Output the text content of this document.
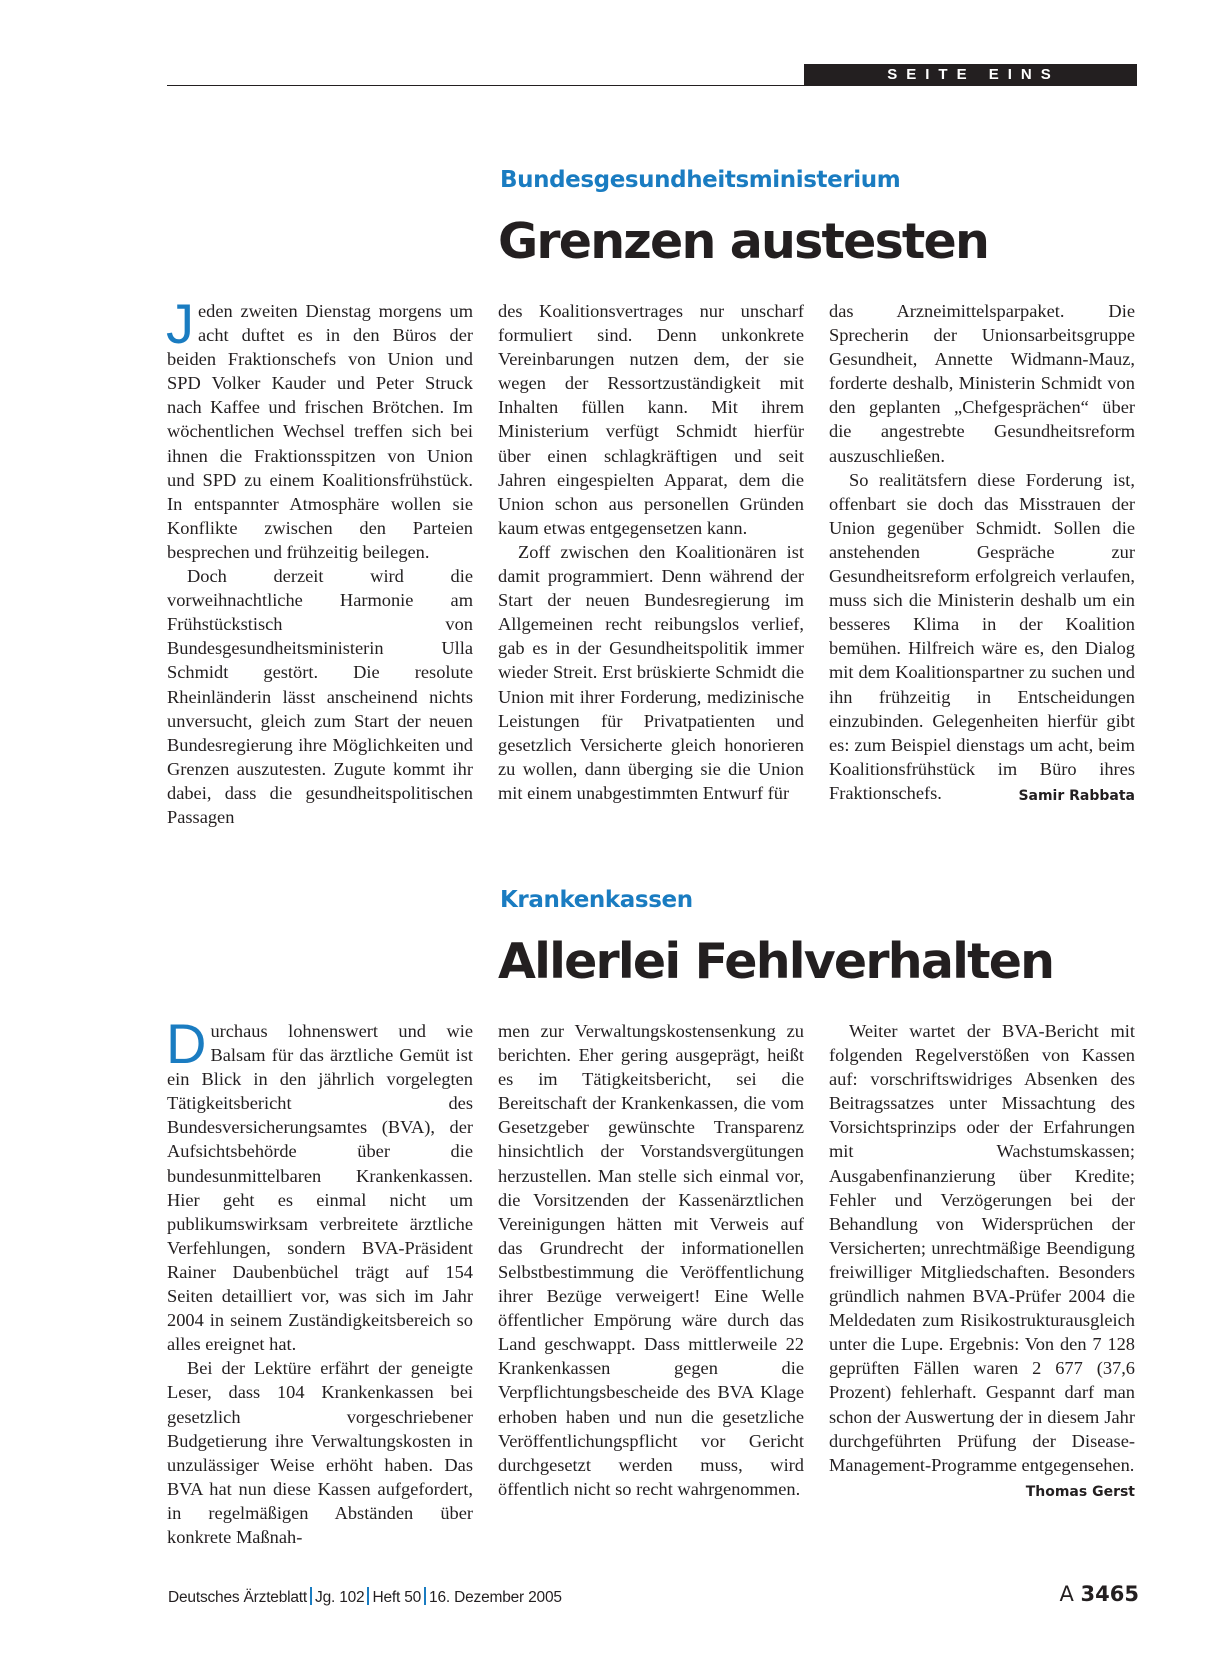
SEITE EINS
Bundesgesundheitsministerium
Grenzen austesten

Jeden zweiten Dienstag morgens um acht duftet es in den Büros der beiden Fraktionschefs von Union und SPD Volker Kauder und Peter Struck nach Kaffee und frischen Brötchen. Im wöchentlichen Wechsel treffen sich bei ihnen die Fraktionsspitzen von Union und SPD zu einem Koalitionsfrühstück. In entspannter Atmosphäre wollen sie Konflikte zwischen den Parteien besprechen und frühzeitig beilegen.

Doch derzeit wird die vorweihnachtliche Harmonie am Frühstückstisch von Bundesgesundheitsministerin Ulla Schmidt gestört. Die resolute Rheinländerin lässt anscheinend nichts unversucht, gleich zum Start der neuen Bundesregierung ihre Möglichkeiten und Grenzen auszutesten. Zugute kommt ihr dabei, dass die gesundheitspolitischen Passagen

des Koalitionsvertrages nur unscharf formuliert sind. Denn unkonkrete Vereinbarungen nutzen dem, der sie wegen der Ressortzuständigkeit mit Inhalten füllen kann. Mit ihrem Ministerium verfügt Schmidt hierfür über einen schlagkräftigen und seit Jahren eingespielten Apparat, dem die Union schon aus personellen Gründen kaum etwas entgegensetzen kann.

Zoff zwischen den Koalitionären ist damit programmiert. Denn während der Start der neuen Bundesregierung im Allgemeinen recht reibungslos verlief, gab es in der Gesundheitspolitik immer wieder Streit. Erst brüskierte Schmidt die Union mit ihrer Forderung, medizinische Leistungen für Privatpatienten und gesetzlich Versicherte gleich honorieren zu wollen, dann überging sie die Union mit einem unabgestimmten Entwurf für

das Arzneimittelsparpaket. Die Sprecherin der Unionsarbeitsgruppe Gesundheit, Annette Widmann-Mauz, forderte deshalb, Ministerin Schmidt von den geplanten „Chefgesprächen“ über die angestrebte Gesundheitsreform auszuschließen.

So realitätsfern diese Forderung ist, offenbart sie doch das Misstrauen der Union gegenüber Schmidt. Sollen die anstehenden Gespräche zur Gesundheitsreform erfolgreich verlaufen, muss sich die Ministerin deshalb um ein besseres Klima in der Koalition bemühen. Hilfreich wäre es, den Dialog mit dem Koalitionspartner zu suchen und ihn frühzeitig in Entscheidungen einzubinden. Gelegenheiten hierfür gibt es: zum Beispiel dienstags um acht, beim Koalitionsfrühstück im Büro ihres Fraktionschefs.	Samir Rabbata

Krankenkassen
Allerlei Fehlverhalten

Durchaus lohnenswert und wie Balsam für das ärztliche Gemüt ist ein Blick in den jährlich vorgelegten Tätigkeitsbericht des Bundesversicherungsamtes (BVA), der Aufsichtsbehörde über die bundesunmittelbaren Krankenkassen. Hier geht es einmal nicht um publikumswirksam verbreitete ärztliche Verfehlungen, sondern BVA-Präsident Rainer Daubenbüchel trägt auf 154 Seiten detailliert vor, was sich im Jahr 2004 in seinem Zuständigkeitsbereich so alles ereignet hat.

Bei der Lektüre erfährt der geneigte Leser, dass 104 Krankenkassen bei gesetzlich vorgeschriebener Budgetierung ihre Verwaltungskosten in unzulässiger Weise erhöht haben. Das BVA hat nun diese Kassen aufgefordert, in regelmäßigen Abständen über konkrete Maßnah-

men zur Verwaltungskostensenkung zu berichten. Eher gering ausgeprägt, heißt es im Tätigkeitsbericht, sei die Bereitschaft der Krankenkassen, die vom Gesetzgeber gewünschte Transparenz hinsichtlich der Vorstandsvergütungen herzustellen. Man stelle sich einmal vor, die Vorsitzenden der Kassenärztlichen Vereinigungen hätten mit Verweis auf das Grundrecht der informationellen Selbstbestimmung die Veröffentlichung ihrer Bezüge verweigert! Eine Welle öffentlicher Empörung wäre durch das Land geschwappt. Dass mittlerweile 22 Krankenkassen gegen die Verpflichtungsbescheide des BVA Klage erhoben haben und nun die gesetzliche Veröffentlichungspflicht vor Gericht durchgesetzt werden muss, wird öffentlich nicht so recht wahrgenommen.

Weiter wartet der BVA-Bericht mit folgenden Regelverstößen von Kassen auf: vorschriftswidriges Absenken des Beitragssatzes unter Missachtung des Vorsichtsprinzips oder der Erfahrungen mit Wachstumskassen; Ausgabenfinanzierung über Kredite; Fehler und Verzögerungen bei der Behandlung von Widersprüchen der Versicherten; unrechtmäßige Beendigung freiwilliger Mitgliedschaften. Besonders gründlich nahmen BVA-Prüfer 2004 die Meldedaten zum Risikostrukturausgleich unter die Lupe. Ergebnis: Von den 7 128 geprüften Fällen waren 2 677 (37,6 Prozent) fehlerhaft. Gespannt darf man schon der Auswertung der in diesem Jahr durchgeführten Prüfung der Disease-Management-Programme entgegensehen.
Thomas Gerst

Deutsches Ärzteblatt Jg. 102 Heft 50 16. Dezember 2005	A 3465
